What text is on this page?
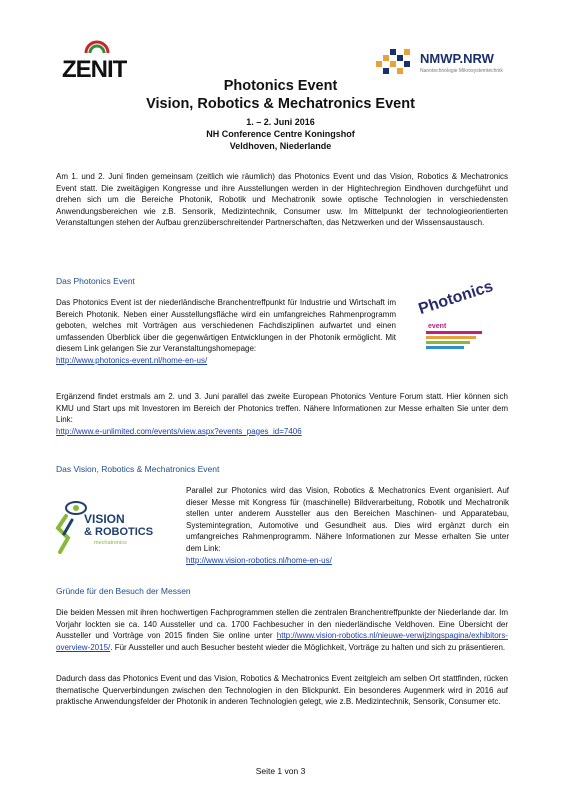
ZENIT	NMWP.NRW
Nanotechnologie Mikrosystemtechnik
Photonics Event
Vision, Robotics & Mechatronics Event
1. – 2. Juni 2016
NH Conference Centre Koningshof
Veldhoven, Niederlande
Am 1. und 2. Juni finden gemeinsam (zeitlich wie räumlich) das Photonics Event und das Vision, Robotics & Mechatronics Event statt. Die zweitägigen Kongresse und ihre Ausstellungen werden in der Hightechregion Eindhoven durchgeführt und drehen sich um die Bereiche Photonik, Robotik und Mechatronik sowie optische Technologien in verschiedensten Anwendungsbereichen wie z.B. Sensorik, Medizintechnik, Consumer usw. Im Mittelpunkt der technologieorientierten Veranstaltungen stehen der Aufbau grenzüberschreitender Partnerschaften, das Netzwerken und der Wissensaustausch.
Das Photonics Event
Das Photonics Event ist der niederländische Branchentreffpunkt für Industrie und Wirtschaft im Bereich Photonik. Neben einer Ausstellungsfläche wird ein umfangreiches Rahmenprogramm geboten, welches mit Vorträgen aus verschiedenen Fachdisziplinen aufwartet und einen umfassenden Überblick über die gegenwärtigen Entwicklungen in der Photonik ermöglicht. Mit diesem Link gelangen Sie zur Veranstaltungshomepage:
http://www.photonics-event.nl/home-en-us/
Photonics
event
Ergänzend findet erstmals am 2. und 3. Juni parallel das zweite European Photonics Venture Forum statt. Hier können sich KMU und Start ups mit Investoren im Bereich der Photonics treffen. Nähere Informationen zur Messe erhalten Sie unter dem Link:
http://www.e-unlimited.com/events/view.aspx?events_pages_id=7406
Das Vision, Robotics & Mechatronics Event
VISION
& ROBOTICS
mechatronics
Parallel zur Photonics wird das Vision, Robotics & Mechatronics Event organisiert. Auf dieser Messe mit Kongress für (maschinelle) Bildverarbeitung, Robotik und Mechatronik stellen unter anderem Aussteller aus den Bereichen Maschinen- und Apparatebau, Systemintegration, Automotive und Gesundheit aus. Dies wird ergänzt durch ein umfangreiches Rahmenprogramm. Nähere Informationen zur Messe erhalten Sie unter dem Link:
http://www.vision-robotics.nl/home-en-us/
Gründe für den Besuch der Messen
Die beiden Messen mit ihren hochwertigen Fachprogrammen stellen die zentralen Branchentreffpunkte der Niederlande dar. Im Vorjahr lockten sie ca. 140 Aussteller und ca. 1700 Fachbesucher in den niederländische Veldhoven. Eine Übersicht der Aussteller und Vorträge von 2015 finden Sie online unter http://www.vision-robotics.nl/nieuwe-verwijzingspagina/exhibitors-overview-2015/. Für Aussteller und auch Besucher besteht wieder die Möglichkeit, Vorträge zu halten und sich zu präsentieren.
Dadurch dass das Photonics Event und das Vision, Robotics & Mechatronics Event zeitgleich am selben Ort stattfinden, rücken thematische Querverbindungen zwischen den Technologien in den Blickpunkt. Ein besonderes Augenmerk wird in 2016 auf praktische Anwendungsfelder der Photonik in anderen Technologien gelegt, wie z.B. Medizintechnik, Sensorik, Consumer etc.
Seite 1 von 3
